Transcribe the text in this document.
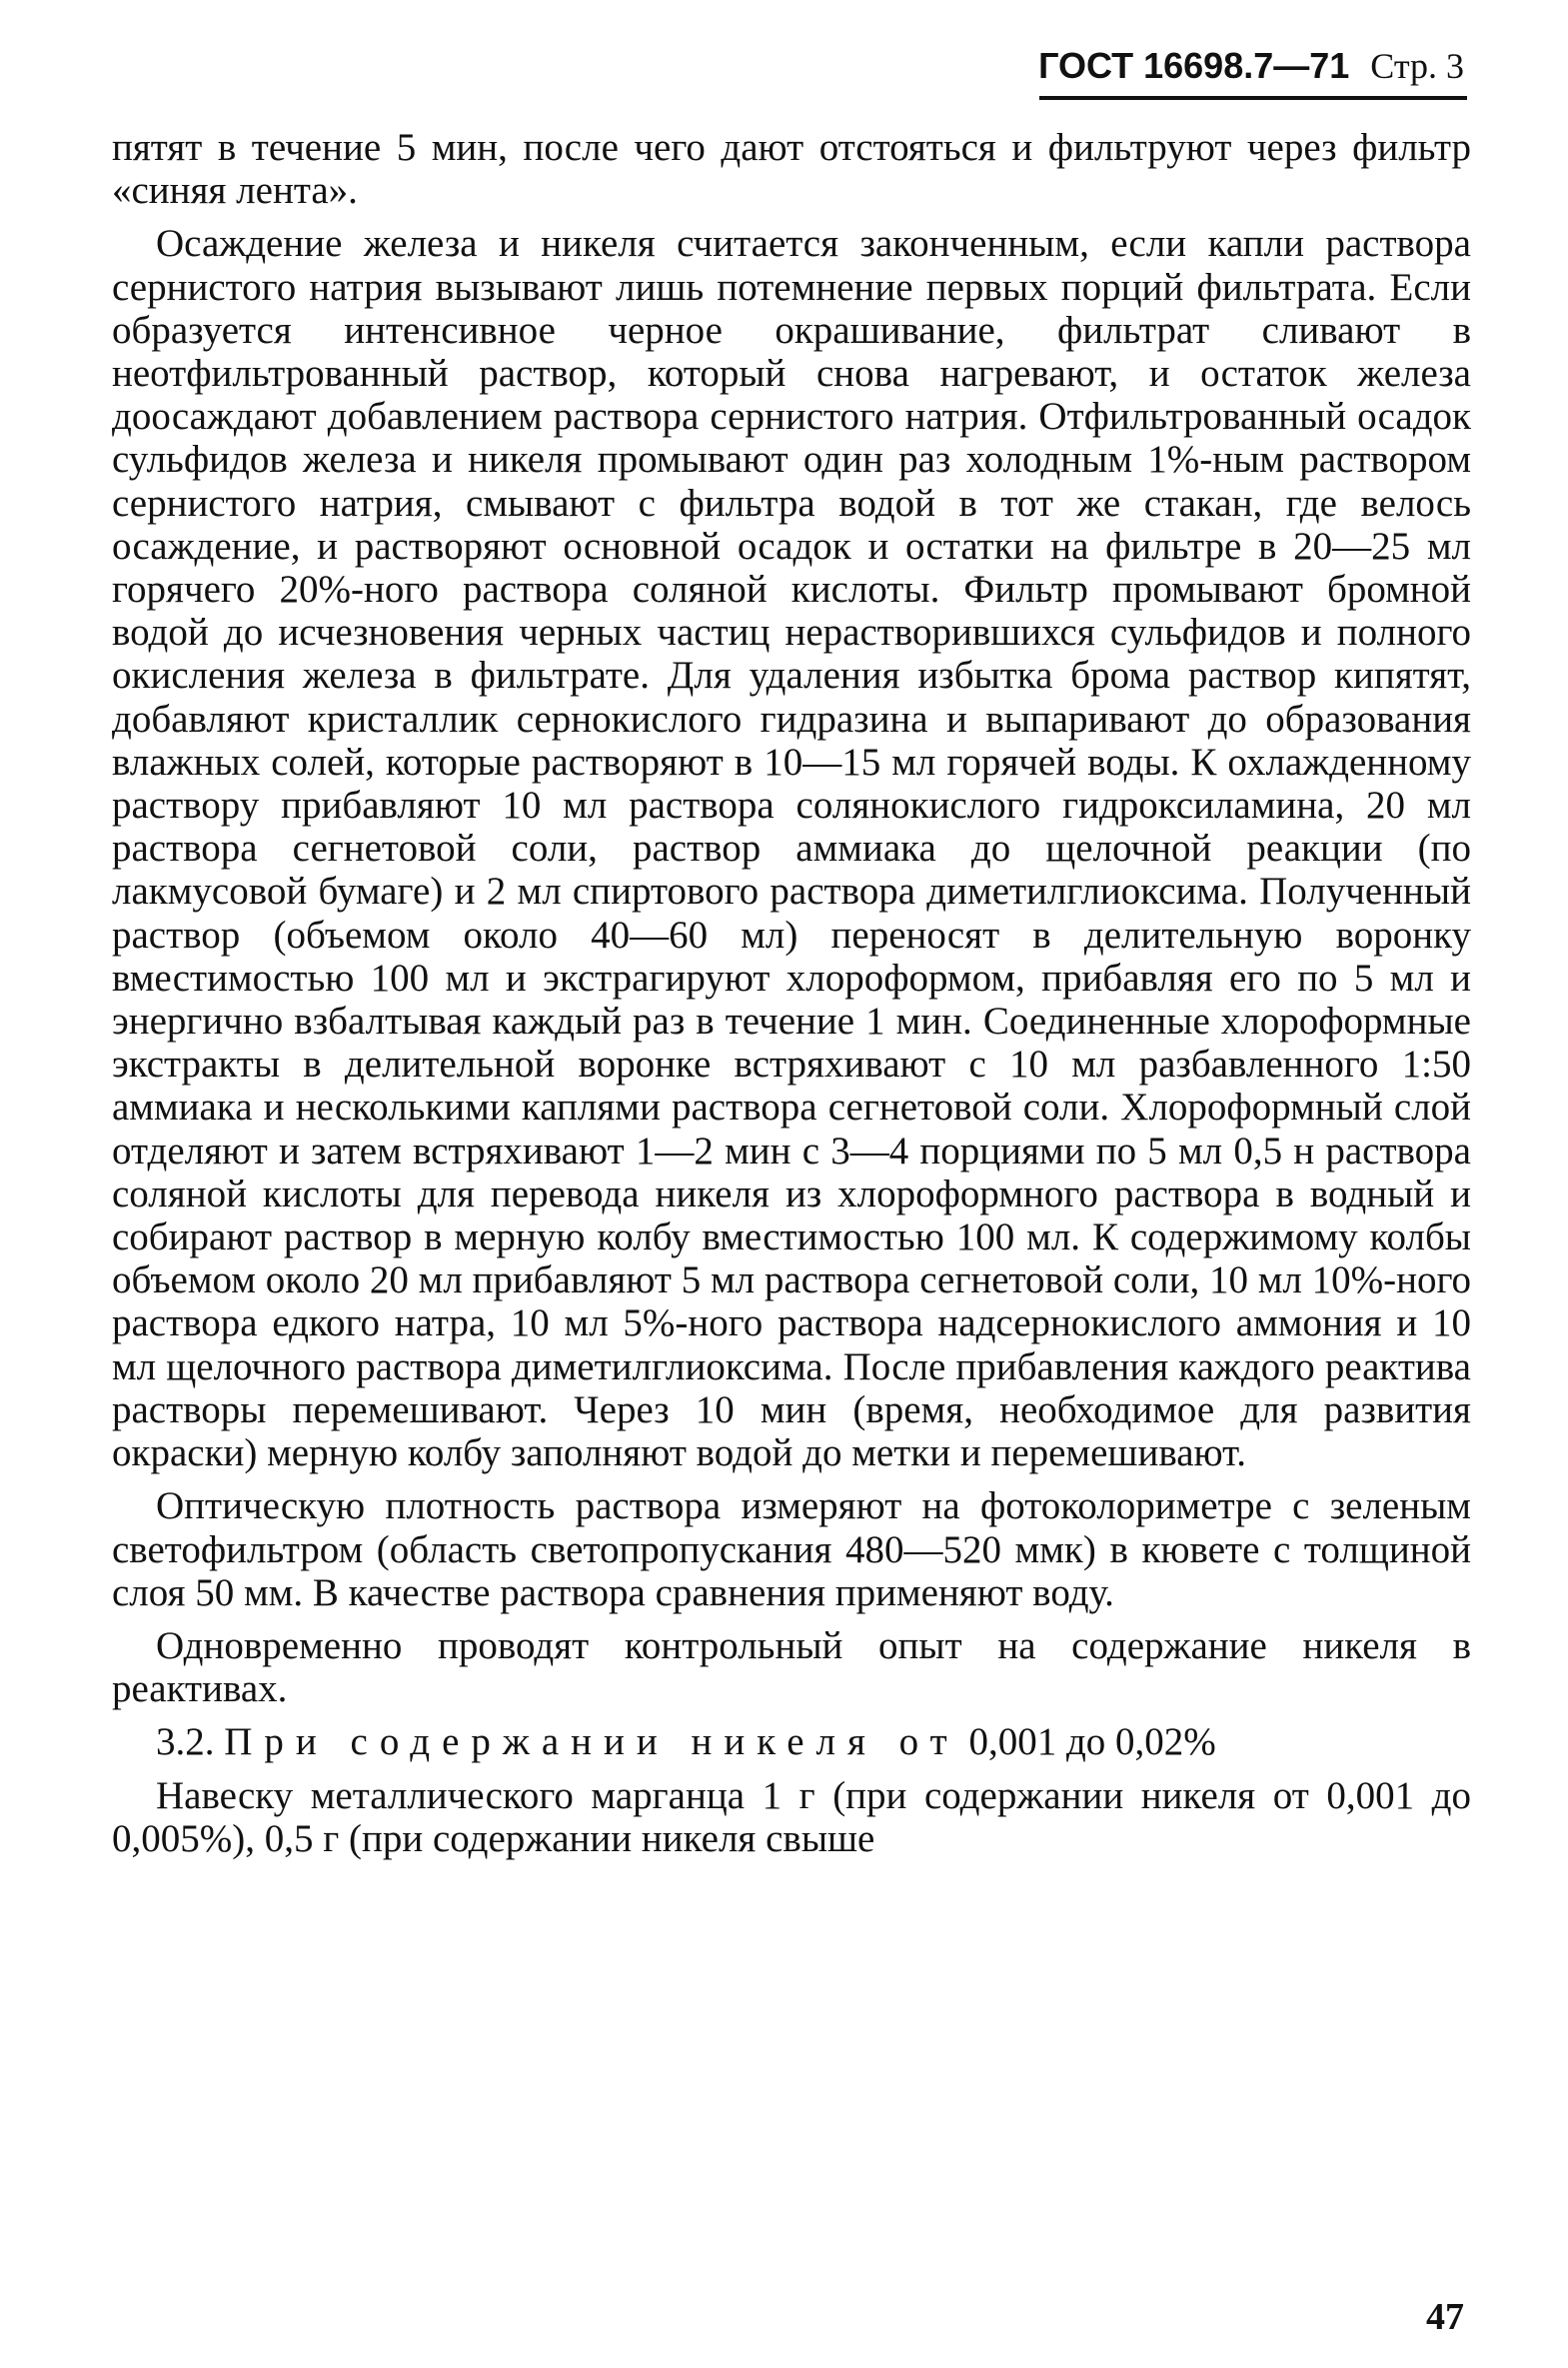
ГОСТ 16698.7—71 Стр. 3

пятят в течение 5 мин, после чего дают отстояться и фильтруют через фильтр «синяя лента».

Осаждение железа и никеля считается законченным, если капли раствора сернистого натрия вызывают лишь потемнение первых порций фильтрата. Если образуется интенсивное черное окрашивание, фильтрат сливают в неотфильтрованный раствор, который снова нагревают, и остаток железа доосаждают добавлением раствора сернистого натрия. Отфильтрованный осадок сульфидов железа и никеля промывают один раз холодным 1%-ным раствором сернистого натрия, смывают с фильтра водой в тот же стакан, где велось осаждение, и растворяют основной осадок и остатки на фильтре в 20—25 мл горячего 20%-ного раствора соляной кислоты. Фильтр промывают бромной водой до исчезновения черных частиц нерастворившихся сульфидов и полного окисления железа в фильтрате. Для удаления избытка брома раствор кипятят, добавляют кристаллик сернокислого гидразина и выпаривают до образования влажных солей, которые растворяют в 10—15 мл горячей воды. К охлажденному раствору прибавляют 10 мл раствора солянокислого гидроксиламина, 20 мл раствора сегнетовой соли, раствор аммиака до щелочной реакции (по лакмусовой бумаге) и 2 мл спиртового раствора диметилглиоксима. Полученный раствор (объемом около 40—60 мл) переносят в делительную воронку вместимостью 100 мл и экстрагируют хлороформом, прибавляя его по 5 мл и энергично взбалтывая каждый раз в течение 1 мин. Соединенные хлороформные экстракты в делительной воронке встряхивают с 10 мл разбавленного 1:50 аммиака и несколькими каплями раствора сегнетовой соли. Хлороформный слой отделяют и затем встряхивают 1—2 мин с 3—4 порциями по 5 мл 0,5 н раствора соляной кислоты для перевода никеля из хлороформного раствора в водный и собирают раствор в мерную колбу вместимостью 100 мл. К содержимому колбы объемом около 20 мл прибавляют 5 мл раствора сегнетовой соли, 10 мл 10%-ного раствора едкого натра, 10 мл 5%-ного раствора надсернокислого аммония и 10 мл щелочного раствора диметилглиоксима. После прибавления каждого реактива растворы перемешивают. Через 10 мин (время, необходимое для развития окраски) мерную колбу заполняют водой до метки и перемешивают.

Оптическую плотность раствора измеряют на фотоколориметре с зеленым светофильтром (область светопропускания 480—520 ммк) в кювете с толщиной слоя 50 мм. В качестве раствора сравнения применяют воду.

Одновременно проводят контрольный опыт на содержание никеля в реактивах.

3.2. При содержании никеля от 0,001 до 0,02%

Навеску металлического марганца 1 г (при содержании никеля от 0,001 до 0,005%), 0,5 г (при содержании никеля свыше

47
